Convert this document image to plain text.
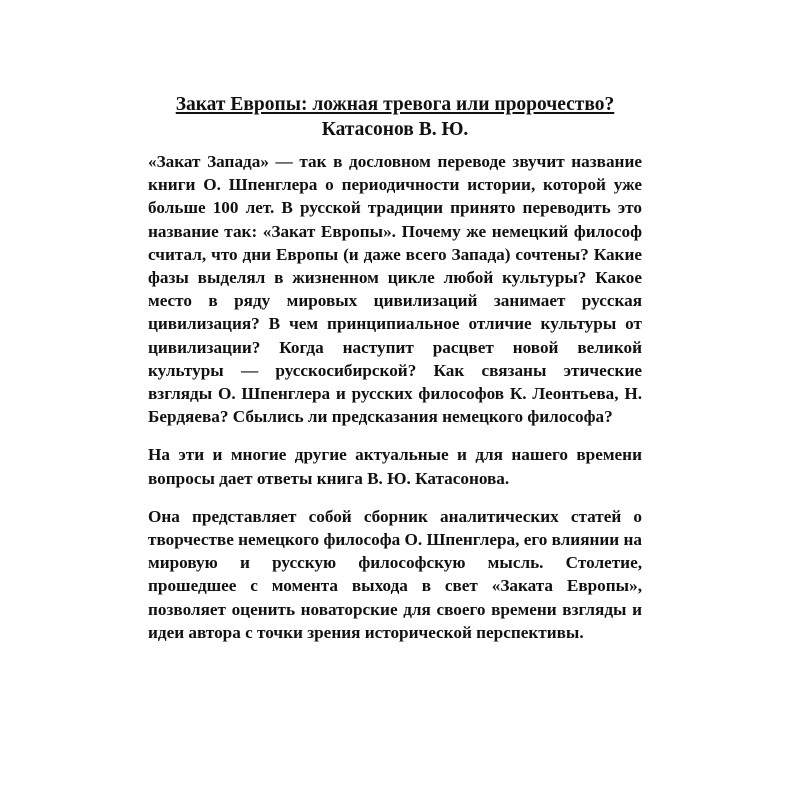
Закат Европы: ложная тревога или пророчество?
Катасонов В. Ю.

«Закат Запада» — так в дословном переводе звучит название книги О. Шпенглера о периодичности истории, которой уже больше 100 лет. В русской традиции принято переводить это название так: «Закат Европы». Почему же немецкий философ считал, что дни Европы (и даже всего Запада) сочтены? Какие фазы выделял в жизненном цикле любой культуры? Какое место в ряду мировых цивилизаций занимает русская цивилизация? В чем принципиальное отличие культуры от цивилизации? Когда наступит расцвет новой великой культуры — русскосибирской? Как связаны этические взгляды О. Шпенглера и русских философов К. Леонтьева, Н. Бердяева? Сбылись ли предсказания немецкого философа?

На эти и многие другие актуальные и для нашего времени вопросы дает ответы книга В. Ю. Катасонова.

Она представляет собой сборник аналитических статей о творчестве немецкого философа О. Шпенглера, его влиянии на мировую и русскую философскую мысль. Столетие, прошедшее с момента выхода в свет «Заката Европы», позволяет оценить новаторские для своего времени взгляды и идеи автора с точки зрения исторической перспективы.
